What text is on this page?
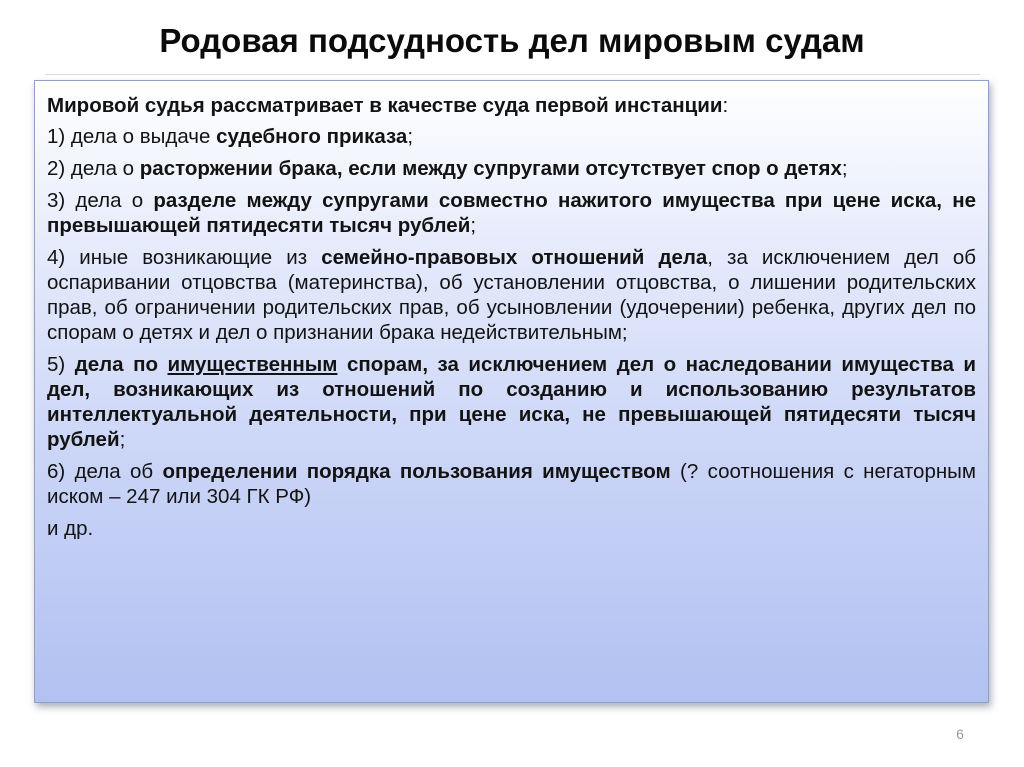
Родовая подсудность дел мировым судам

Мировой судья рассматривает в качестве суда первой инстанции:

1) дела о выдаче судебного приказа;

2) дела о расторжении брака, если между супругами отсутствует спор о детях;

3) дела о разделе между супругами совместно нажитого имущества при цене иска, не превышающей пятидесяти тысяч рублей;

4) иные возникающие из семейно-правовых отношений дела, за исключением дел об оспаривании отцовства (материнства), об установлении отцовства, о лишении родительских прав, об ограничении родительских прав, об усыновлении (удочерении) ребенка, других дел по спорам о детях и дел о признании брака недействительным;

5) дела по имущественным спорам, за исключением дел о наследовании имущества и дел, возникающих из отношений по созданию и использованию результатов интеллектуальной деятельности, при цене иска, не превышающей пятидесяти тысяч рублей;

6) дела об определении порядка пользования имуществом (? соотношения с негаторным иском – 247 или 304 ГК РФ)

и др.

6
